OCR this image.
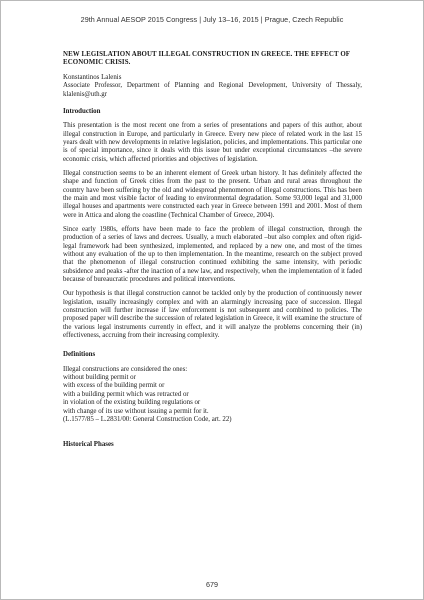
29th Annual AESOP 2015 Congress | July 13–16, 2015 | Prague, Czech Republic

NEW LEGISLATION ABOUT ILLEGAL CONSTRUCTION IN GREECE. THE EFFECT OF ECONOMIC CRISIS.

Konstantinos Lalenis

Associate Professor, Department of Planning and Regional Development, University of Thessaly, klalenis@uth.gr

Introduction

This presentation is the most recent one from a series of presentations and papers of this author, about illegal construction in Europe, and particularly in Greece. Every new piece of related work in the last 15 years dealt with new developments in relative legislation, policies, and implementations. This particular one is of special importance, since it deals with this issue but under exceptional circumstances –the severe economic crisis, which affected priorities and objectives of legislation.

Illegal construction seems to be an inherent element of Greek urban history. It has definitely affected the shape and function of Greek cities from the past to the present. Urban and rural areas throughout the country have been suffering by the old and widespread phenomenon of illegal constructions. This has been the main and most visible factor of leading to environmental degradation. Some 93,000 legal and 31,000 illegal houses and apartments were constructed each year in Greece between 1991 and 2001. Most of them were in Attica and along the coastline (Technical Chamber of Greece, 2004).

Since early 1980s, efforts have been made to face the problem of illegal construction, through the production of a series of laws and decrees. Usually, a much elaborated –but also complex and often rigid- legal framework had been synthesized, implemented, and replaced by a new one, and most of the times without any evaluation of the up to then implementation. In the meantime, research on the subject proved that the phenomenon of illegal construction continued exhibiting the same intensity, with periodic subsidence and peaks -after the inaction of a new law, and respectively, when the implementation of it faded because of bureaucratic procedures and political interventions.

Our hypothesis is that illegal construction cannot be tackled only by the production of continuously newer legislation, usually increasingly complex and with an alarmingly increasing pace of succession. Illegal construction will further increase if law enforcement is not subsequent and combined to policies. The proposed paper will describe the succession of related legislation in Greece, it will examine the structure of the various legal instruments currently in effect, and it will analyze the problems concerning their (in) effectiveness, accruing from their increasing complexity.

Definitions

Illegal constructions are considered the ones:
without building permit or
with excess of the building permit or
with a building permit which was retracted or
in violation of the existing building regulations or
with change of its use without issuing a permit for it.
(L.1577/85 – L.2831/00: General Construction Code, art. 22)

Historical Phases

679
